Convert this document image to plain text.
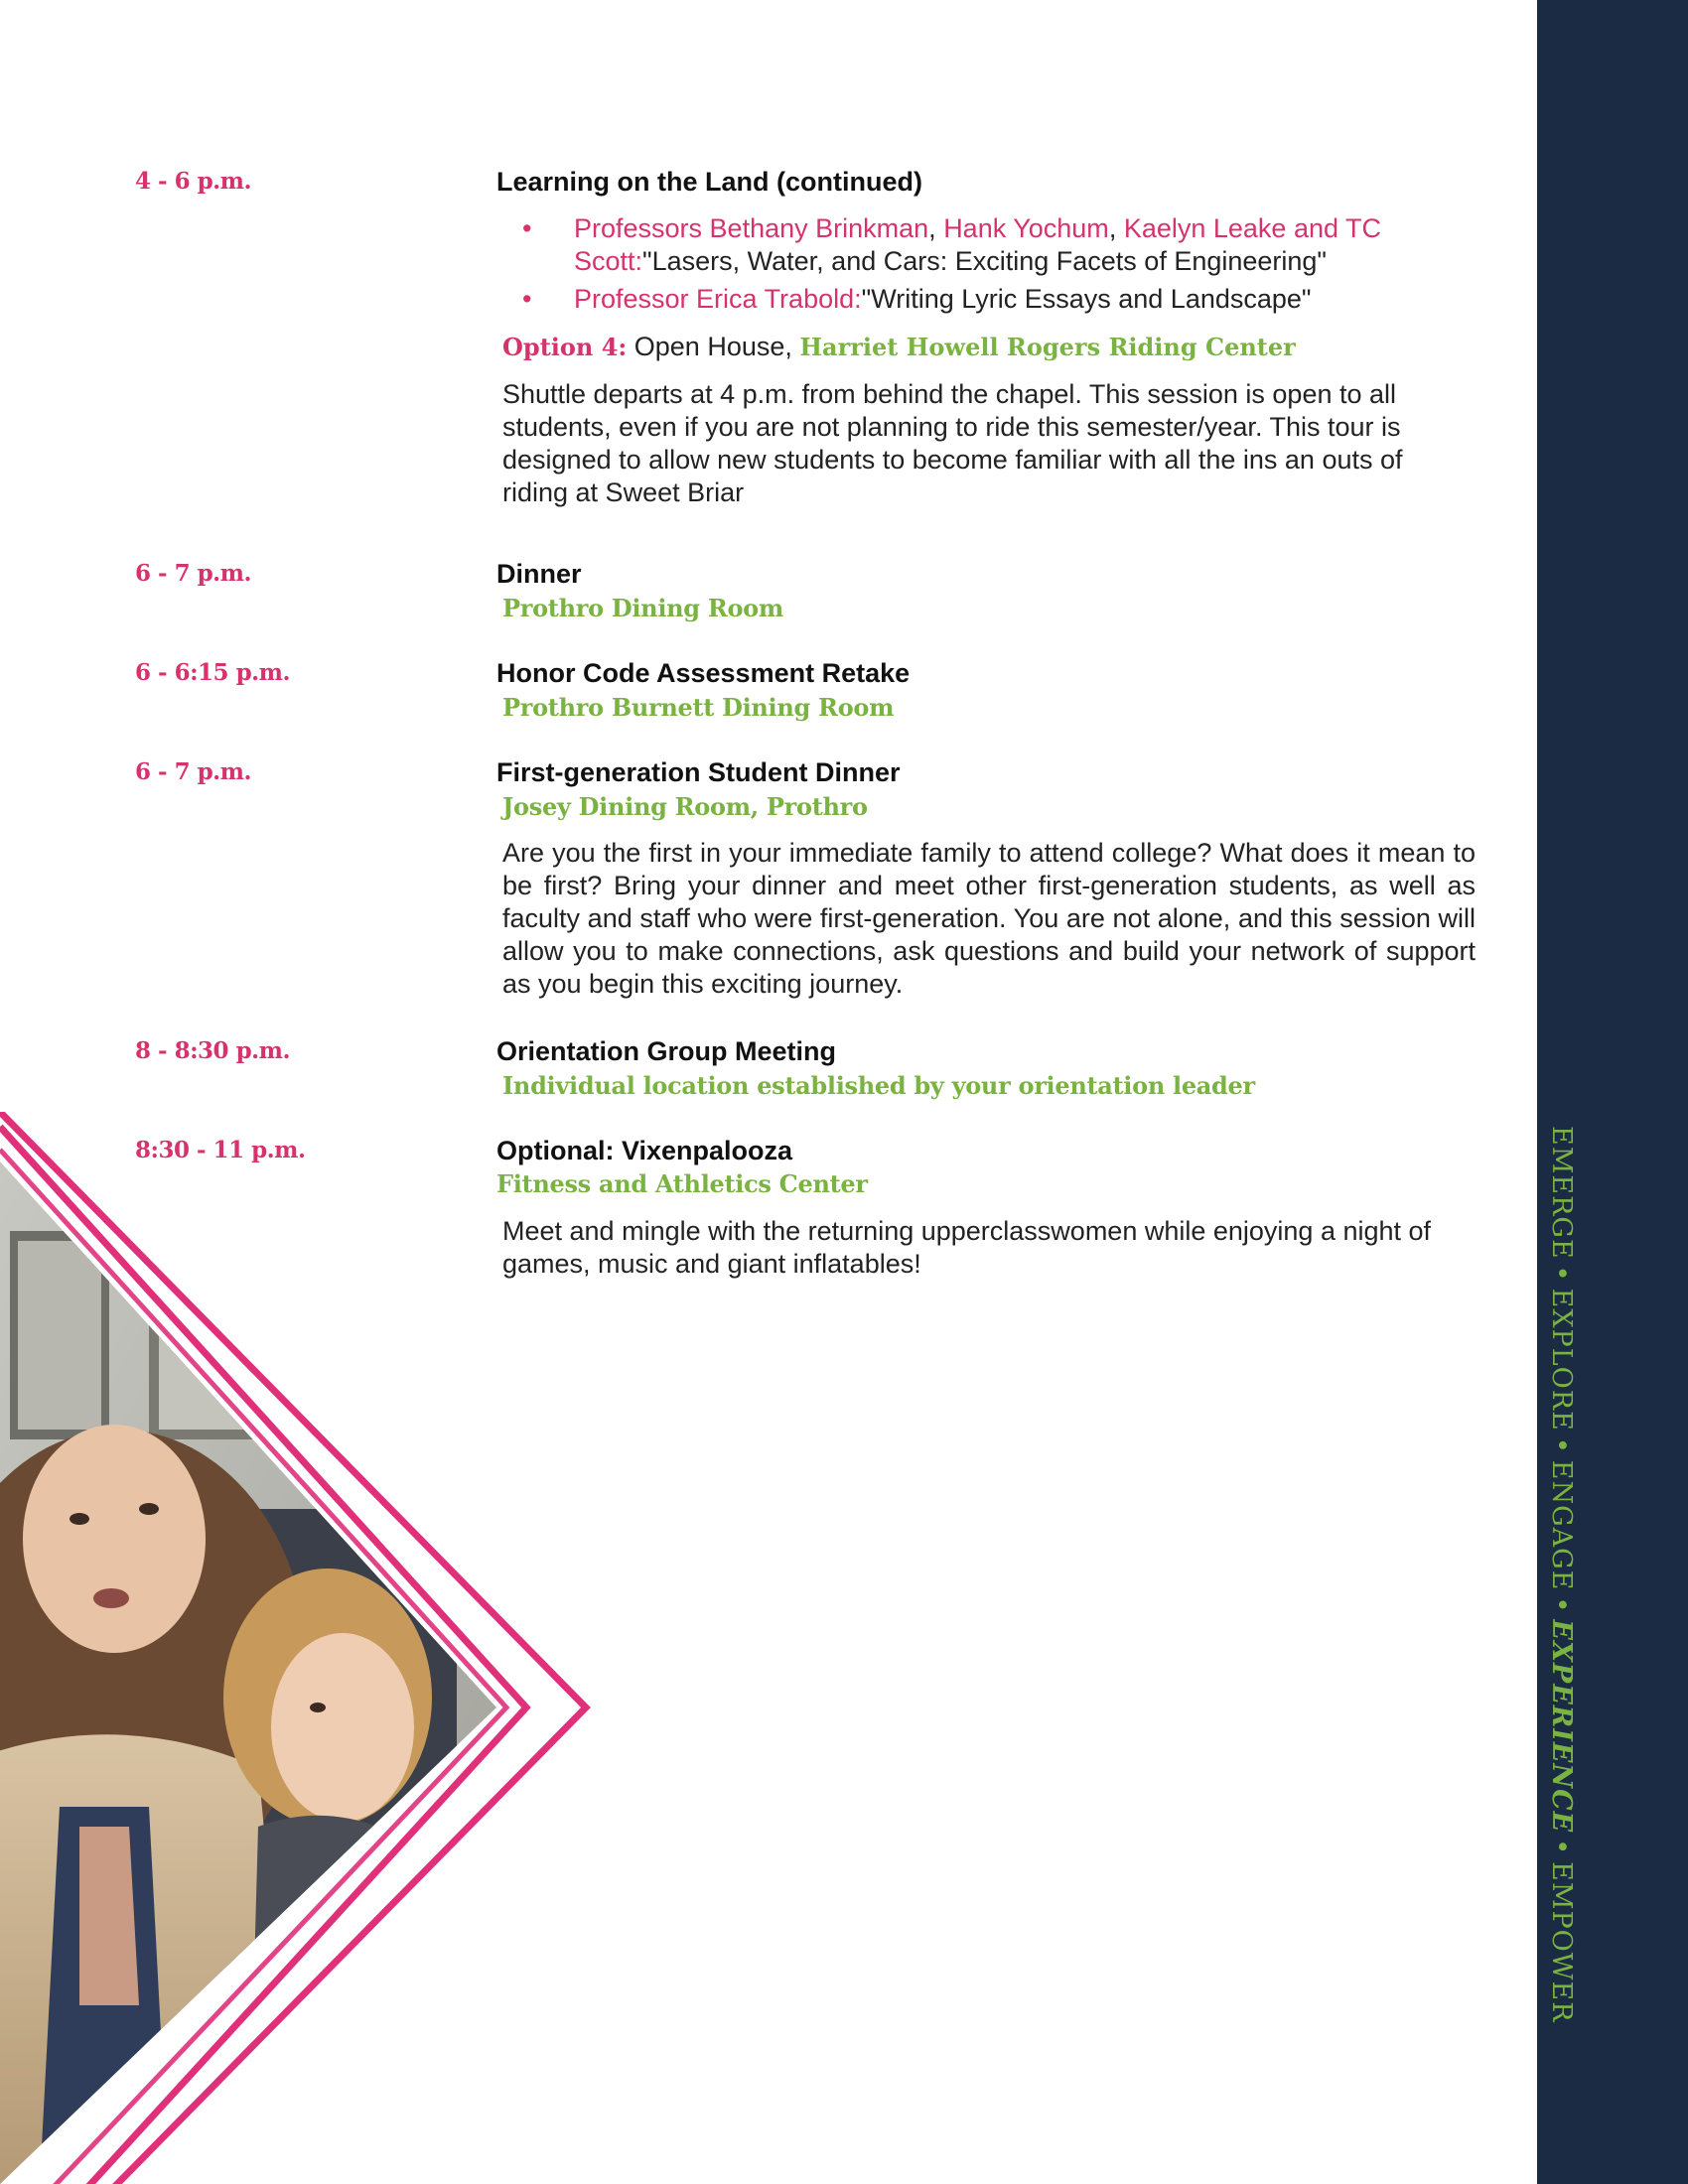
4 - 6 p.m.	Learning on the Land (continued)
• Professors Bethany Brinkman, Hank Yochum, Kaelyn Leake and TC Scott:"Lasers, Water, and Cars: Exciting Facets of Engineering"
• Professor Erica Trabold:"Writing Lyric Essays and Landscape"
Option 4: Open House, Harriet Howell Rogers Riding Center
Shuttle departs at 4 p.m. from behind the chapel. This session is open to all students, even if you are not planning to ride this semester/year. This tour is designed to allow new students to become familiar with all the ins an outs of riding at Sweet Briar
6 - 7 p.m.	Dinner
Prothro Dining Room
6 - 6:15 p.m.	Honor Code Assessment Retake
Prothro Burnett Dining Room
6 - 7 p.m.	First-generation Student Dinner
Josey Dining Room, Prothro
Are you the first in your immediate family to attend college? What does it mean to be first? Bring your dinner and meet other first-generation students, as well as faculty and staff who were first-generation. You are not alone, and this session will allow you to make connections, ask questions and build your network of support as you begin this exciting journey.
8 - 8:30 p.m.	Orientation Group Meeting
Individual location established by your orientation leader
8:30 - 11 p.m.	Optional: Vixenpalooza
Fitness and Athletics Center
Meet and mingle with the returning upperclasswomen while enjoying a night of games, music and giant inflatables!
EMERGE•EXPLORE•ENGAGE•EXPERIENCE•EMPOWER
